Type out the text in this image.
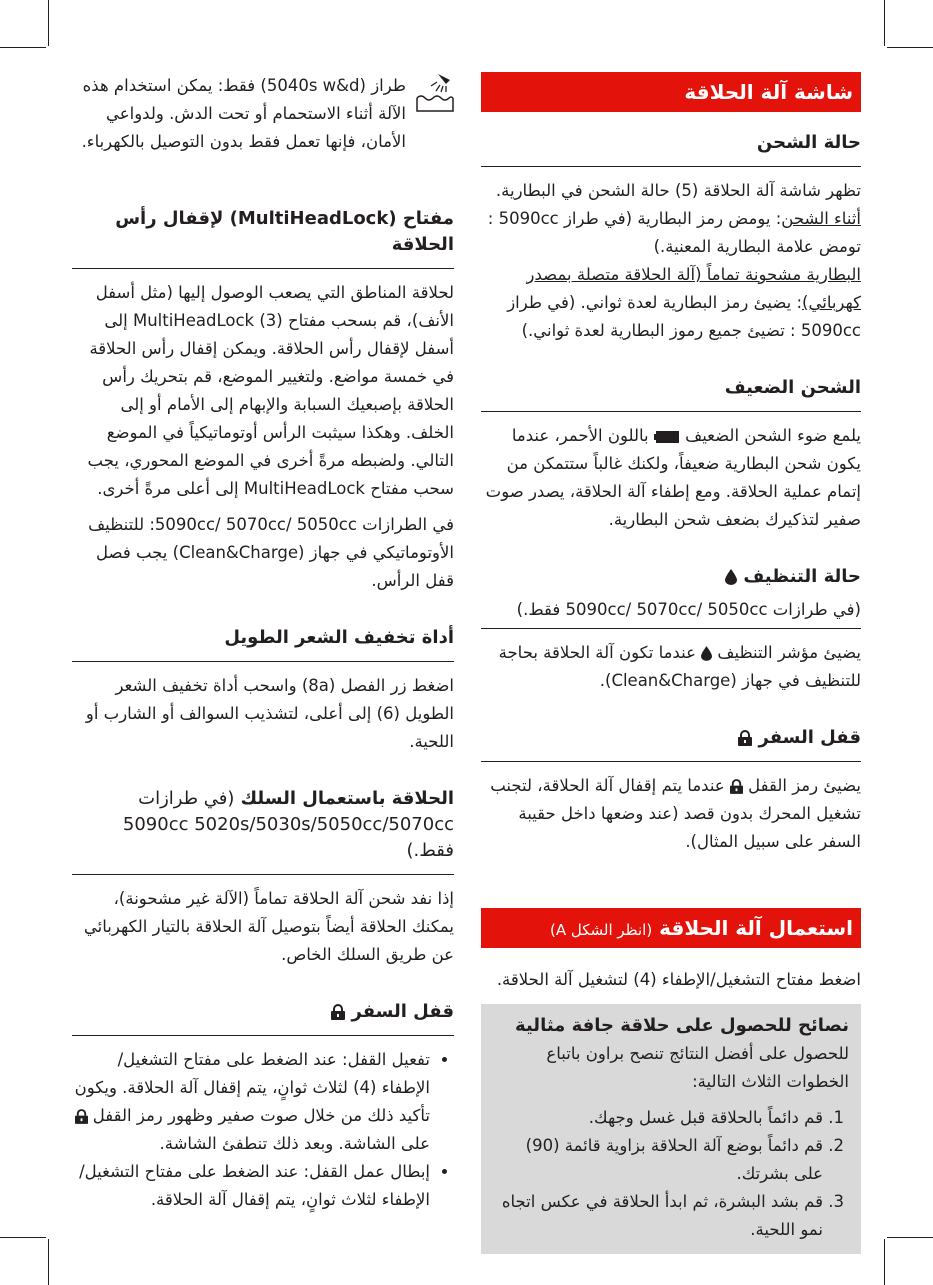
شاشة آلة الحلاقة
حالة الشحن

تظهر شاشة آلة الحلاقة (5) حالة الشحن في البطارية.
أثناء الشحن: يومض رمز البطارية (في طراز 5090cc : تومض علامة البطارية المعنية.)
البطارية مشحونة تماماً (آلة الحلاقة متصلة بمصدر كهربائي): يضيئ رمز البطارية لعدة ثواني. (في طراز 5090cc : تضيئ جميع رموز البطارية لعدة ثواني.)

الشحن الضعيف

يلمع ضوء الشحن الضعيف  باللون الأحمر، عندما يكون شحن البطارية ضعيفاً، ولكنك غالباً ستتمكن من إتمام عملية الحلاقة. ومع إطفاء آلة الحلاقة، يصدر صوت صفير لتذكيرك بضعف شحن البطارية.

حالة التنظيف
(في طرازات 5090cc/ 5070cc/ 5050cc فقط.)

يضيئ مؤشر التنظيف  عندما تكون آلة الحلاقة بحاجة للتنظيف في جهاز (Clean&Charge).

قفل السفر

يضيئ رمز القفل  عندما يتم إقفال آلة الحلاقة، لتجنب تشغيل المحرك بدون قصد (عند وضعها داخل حقيبة السفر على سبيل المثال).

استعمال آلة الحلاقة (انظر الشكل A)

اضغط مفتاح التشغيل/الإطفاء (4) لتشغيل آلة الحلاقة.

نصائح للحصول على حلاقة جافة مثالية

للحصول على أفضل النتائج تنصح براون باتباع الخطوات الثلاث التالية:

1. قم دائماً بالحلاقة قبل غسل وجهك.
2. قم دائماً بوضع آلة الحلاقة بزاوية قائمة (90) على بشرتك.
3. قم بشد البشرة، ثم ابدأ الحلاقة في عكس اتجاه نمو اللحية.

طراز (5040s w&d) فقط: يمكن استخدام هذه الآلة أثناء الاستحمام أو تحت الدش. ولدواعي الأمان، فإنها تعمل فقط بدون التوصيل بالكهرباء.

مفتاح (MultiHeadLock) لإقفال رأس الحلاقة

لحلاقة المناطق التي يصعب الوصول إليها (مثل أسفل الأنف)، قم بسحب مفتاح (3) MultiHeadLock إلى أسفل لإقفال رأس الحلاقة. ويمكن إقفال رأس الحلاقة في خمسة مواضع. ولتغيير الموضع، قم بتحريك رأس الحلاقة بإصبعيك السبابة والإبهام إلى الأمام أو إلى الخلف. وهكذا سيثبت الرأس أوتوماتيكياً في الموضع التالي. ولضبطه مرةً أخرى في الموضع المحوري، يجب سحب مفتاح MultiHeadLock إلى أعلى مرةً أخرى.

في الطرازات 5090cc/ 5070cc/ 5050cc: للتنظيف الأوتوماتيكي في جهاز (Clean&Charge) يجب فصل قفل الرأس.

أداة تخفيف الشعر الطويل

اضغط زر الفصل (8a) واسحب أداة تخفيف الشعر الطويل (6) إلى أعلى، لتشذيب السوالف أو الشارب أو اللحية.

الحلاقة باستعمال السلك (في طرازات 5090cc 5020s/5030s/5050cc/5070cc فقط.)

إذا نفد شحن آلة الحلاقة تماماً (الآلة غير مشحونة)، يمكنك الحلاقة أيضاً بتوصيل آلة الحلاقة بالتيار الكهربائي عن طريق السلك الخاص.

قفل السفر
• تفعيل القفل: عند الضغط على مفتاح التشغيل/الإطفاء (4) لثلاث ثوانٍ، يتم إقفال آلة الحلاقة. ويكون تأكيد ذلك من خلال صوت صفير وظهور رمز القفل  على الشاشة. وبعد ذلك تنطفئ الشاشة.
• إبطال عمل القفل: عند الضغط على مفتاح التشغيل/الإطفاء لثلاث ثوانٍ، يتم إقفال آلة الحلاقة.
